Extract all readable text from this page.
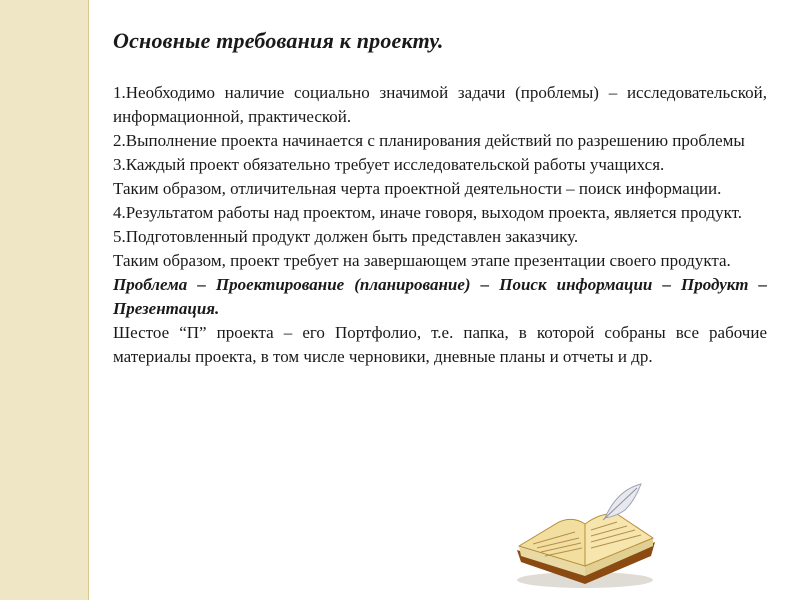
Основные требования к проекту.

1.Необходимо наличие социально значимой задачи (проблемы) – исследовательской, информационной, практической.

2.Выполнение проекта начинается с планирования действий по разрешению проблемы

3.Каждый проект обязательно требует исследовательской работы учащихся.

Таким образом, отличительная черта проектной деятельности – поиск информации.

4.Результатом работы над проектом, иначе говоря, выходом проекта, является продукт.

5.Подготовленный продукт должен быть представлен заказчику.

Таким образом, проект требует на завершающем этапе презентации своего продукта.

Проблема – Проектирование (планирование) – Поиск информации – Продукт – Презентация.

Шестое “П” проекта – его Портфолио, т.е. папка, в которой собраны все рабочие материалы проекта, в том числе черновики, дневные планы и отчеты и др.
